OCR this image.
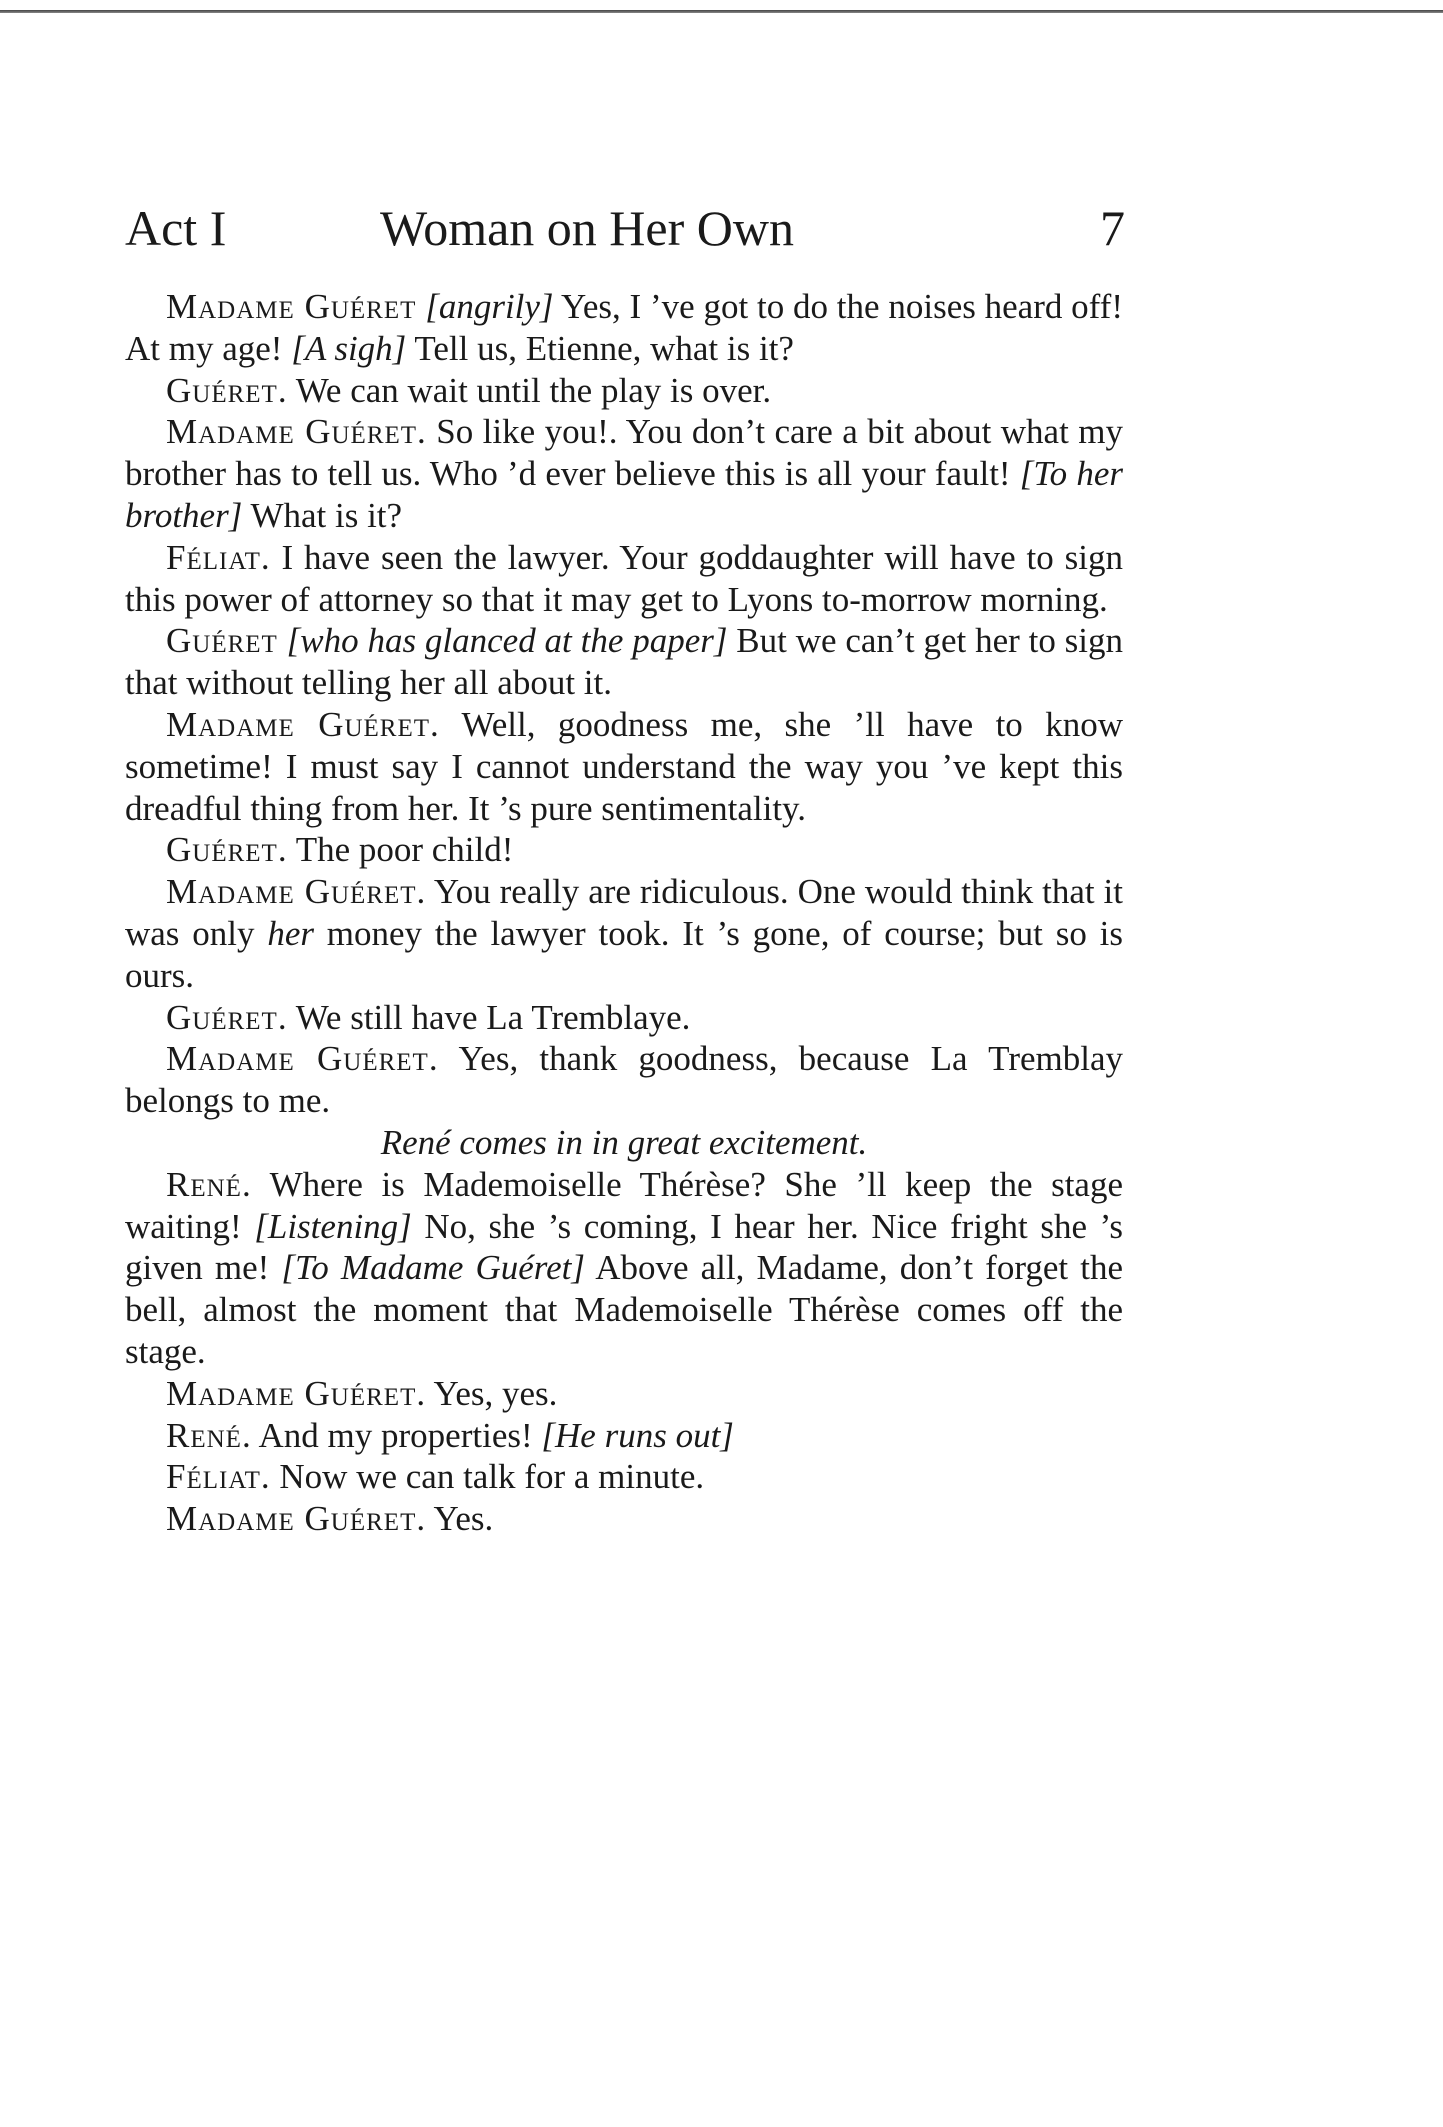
Act I	Woman on Her Own	7

Madame Guéret [angrily] Yes, I ’ve got to do the noises heard off! At my age! [A sigh] Tell us, Etienne, what is it?

Guéret. We can wait until the play is over.

Madame Guéret. So like you!. You don’t care a bit about what my brother has to tell us. Who ’d ever believe this is all your fault! [To her brother] What is it?

Féliat. I have seen the lawyer. Your goddaughter will have to sign this power of attorney so that it may get to Lyons to-morrow morning.

Guéret [who has glanced at the paper] But we can’t get her to sign that without telling her all about it.

Madame Guéret. Well, goodness me, she ’ll have to know sometime! I must say I cannot understand the way you ’ve kept this dreadful thing from her. It ’s pure sentimentality.

Guéret. The poor child!

Madame Guéret. You really are ridiculous. One would think that it was only her money the lawyer took. It ’s gone, of course; but so is ours.

Guéret. We still have La Tremblaye.

Madame Guéret. Yes, thank goodness, because La Tremblay belongs to me.

René comes in in great excitement.

René. Where is Mademoiselle Thérèse? She ’ll keep the stage waiting! [Listening] No, she ’s coming, I hear her. Nice fright she ’s given me! [To Madame Guéret] Above all, Madame, don’t forget the bell, almost the moment that Mademoiselle Thérèse comes off the stage.

Madame Guéret. Yes, yes.

René. And my properties! [He runs out]

Féliat. Now we can talk for a minute.

Madame Guéret. Yes.
